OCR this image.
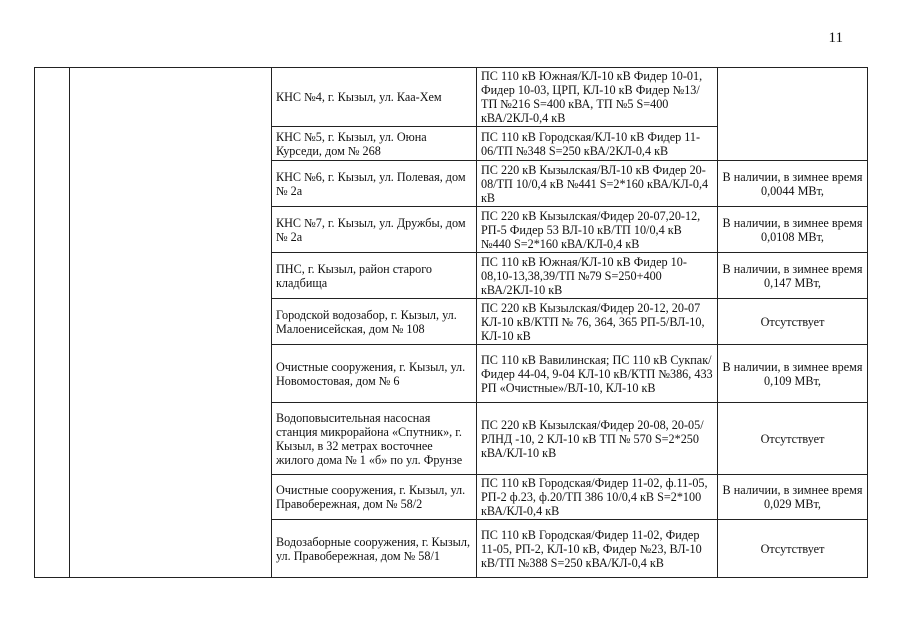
11
		КНС №4, г. Кызыл, ул. Каа-Хем	ПС 110 кВ Южная/КЛ-10 кВ Фидер 10-01, Фидер 10-03, ЦРП, КЛ-10 кВ Фидер №13/ТП №216 S=400 кВА, ТП №5 S=400 кВА/2КЛ-0,4 кВ	
		КНС №5, г. Кызыл, ул. Оюна Курседи, дом № 268	ПС 110 кВ Городская/КЛ-10 кВ Фидер 11-06/ТП №348 S=250 кВА/2КЛ-0,4 кВ	
		КНС №6, г. Кызыл, ул. Полевая, дом № 2а	ПС 220 кВ Кызылская/ВЛ-10 кВ Фидер 20-08/ТП 10/0,4 кВ №441 S=2*160 кВА/КЛ-0,4 кВ	В наличии, в зимнее время 0,0044 МВт,
		КНС №7, г. Кызыл, ул. Дружбы, дом № 2а	ПС 220 кВ Кызылская/Фидер 20-07,20-12, РП-5 Фидер 53 ВЛ-10 кВ/ТП 10/0,4 кВ №440 S=2*160 кВА/КЛ-0,4 кВ	В наличии, в зимнее время 0,0108 МВт,
		ПНС, г. Кызыл, район старого кладбища	ПС 110 кВ Южная/КЛ-10 кВ Фидер 10-08,10-13,38,39/ТП №79 S=250+400 кВА/2КЛ-10 кВ	В наличии, в зимнее время 0,147 МВт,
		Городской водозабор, г. Кызыл, ул. Малоенисейская, дом № 108	ПС 220 кВ Кызылская/Фидер 20-12, 20-07 КЛ-10 кВ/КТП № 76, 364, 365 РП-5/ВЛ-10, КЛ-10 кВ	Отсутствует
		Очистные сооружения, г. Кызыл, ул. Новомостовая, дом № 6	ПС 110 кВ Вавилинская; ПС 110 кВ Сукпак/Фидер 44-04, 9-04 КЛ-10 кВ/КТП №386, 433 РП «Очистные»/ВЛ-10, КЛ-10 кВ	В наличии, в зимнее время 0,109 МВт,
		Водоповысительная насосная станция микрорайона «Спутник», г. Кызыл, в 32 метрах восточнее жилого дома № 1 «б» по ул. Фрунзе	ПС 220 кВ Кызылская/Фидер 20-08, 20-05/РЛНД -10, 2 КЛ-10 кВ ТП № 570 S=2*250 кВА/КЛ-10 кВ	Отсутствует
		Очистные сооружения, г. Кызыл, ул. Правобережная, дом № 58/2	ПС 110 кВ Городская/Фидер 11-02, ф.11-05, РП-2 ф.23, ф.20/ТП 386 10/0,4 кВ S=2*100 кВА/КЛ-0,4 кВ	В наличии, в зимнее время 0,029 МВт,
		Водозаборные сооружения, г. Кызыл, ул. Правобережная, дом № 58/1	ПС 110 кВ Городская/Фидер 11-02, Фидер 11-05, РП-2, КЛ-10 кВ, Фидер №23, ВЛ-10 кВ/ТП №388 S=250 кВА/КЛ-0,4 кВ	Отсутствует
